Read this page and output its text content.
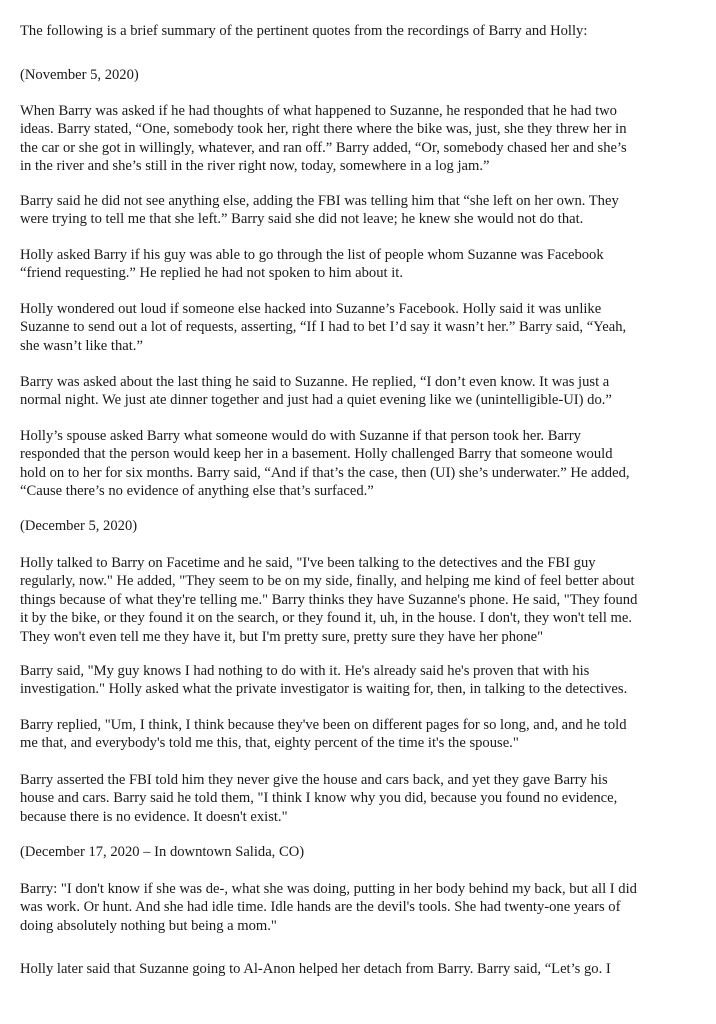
The following is a brief summary of the pertinent quotes from the recordings of Barry and Holly:

(November 5, 2020)

When Barry was asked if he had thoughts of what happened to Suzanne, he responded that he had two
ideas. Barry stated, “One, somebody took her, right there where the bike was, just, she they threw her in
the car or she got in willingly, whatever, and ran off.” Barry added, “Or, somebody chased her and she’s
in the river and she’s still in the river right now, today, somewhere in a log jam.”

Barry said he did not see anything else, adding the FBI was telling him that “she left on her own. They
were trying to tell me that she left.” Barry said she did not leave; he knew she would not do that.

Holly asked Barry if his guy was able to go through the list of people whom Suzanne was Facebook
“friend requesting.” He replied he had not spoken to him about it.

Holly wondered out loud if someone else hacked into Suzanne’s Facebook. Holly said it was unlike
Suzanne to send out a lot of requests, asserting, “If I had to bet I’d say it wasn’t her.” Barry said, “Yeah,
she wasn’t like that.”

Barry was asked about the last thing he said to Suzanne. He replied, “I don’t even know. It was just a
normal night. We just ate dinner together and just had a quiet evening like we (unintelligible-UI) do.”

Holly’s spouse asked Barry what someone would do with Suzanne if that person took her. Barry
responded that the person would keep her in a basement. Holly challenged Barry that someone would
hold on to her for six months. Barry said, “And if that’s the case, then (UI) she’s underwater.” He added,
“Cause there’s no evidence of anything else that’s surfaced.”

(December 5, 2020)

Holly talked to Barry on Facetime and he said, "I've been talking to the detectives and the FBI guy
regularly, now." He added, "They seem to be on my side, finally, and helping me kind of feel better about
things because of what they're telling me." Barry thinks they have Suzanne's phone. He said, "They found
it by the bike, or they found it on the search, or they found it, uh, in the house. I don't, they won't tell me.
They won't even tell me they have it, but I'm pretty sure, pretty sure they have her phone"

Barry said, "My guy knows I had nothing to do with it. He's already said he's proven that with his
investigation." Holly asked what the private investigator is waiting for, then, in talking to the detectives.

Barry replied, "Um, I think, I think because they've been on different pages for so long, and, and he told
me that, and everybody's told me this, that, eighty percent of the time it's the spouse."

Barry asserted the FBI told him they never give the house and cars back, and yet they gave Barry his
house and cars. Barry said he told them, "I think I know why you did, because you found no evidence,
because there is no evidence. It doesn't exist."

(December 17, 2020 – In downtown Salida, CO)

Barry: "I don't know if she was de-, what she was doing, putting in her body behind my back, but all I did
was work. Or hunt. And she had idle time. Idle hands are the devil's tools. She had twenty-one years of
doing absolutely nothing but being a mom."

Holly later said that Suzanne going to Al-Anon helped her detach from Barry. Barry said, “Let’s go. I
